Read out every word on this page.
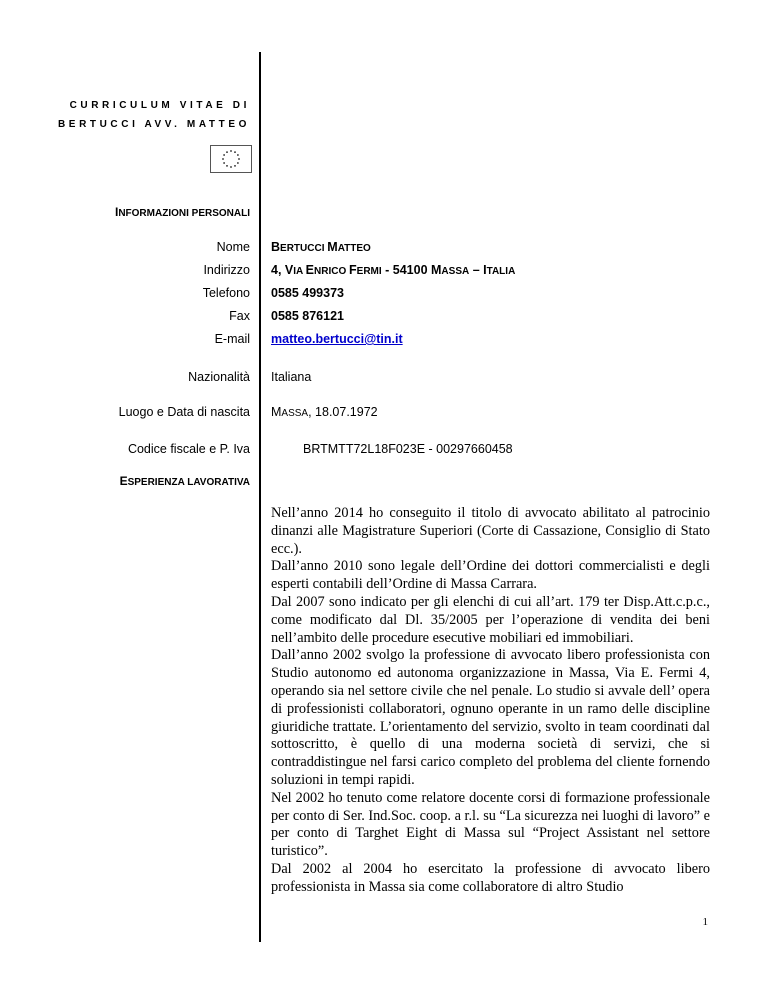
CURRICULUM VITAE DI
BERTUCCI AVV. MATTEO
INFORMAZIONI PERSONALI
Nome BERTUCCI MATTEO
Indirizzo 4, VIA ENRICO FERMI - 54100 MASSA – ITALIA
Telefono 0585 499373
Fax 0585 876121
E-mail matteo.bertucci@tin.it
Nazionalità Italiana
Luogo e Data di nascita MASSA, 18.07.1972
Codice fiscale e P. Iva	BRTMTT72L18F023E - 00297660458
ESPERIENZA LAVORATIVA

Nell’anno 2014 ho conseguito il titolo di avvocato abilitato al patrocinio dinanzi alle Magistrature Superiori (Corte di Cassazione, Consiglio di Stato ecc.).

Dall’anno 2010 sono legale dell’Ordine dei dottori commercialisti e degli esperti contabili dell’Ordine di Massa Carrara.

Dal 2007 sono indicato per gli elenchi di cui all’art. 179 ter Disp.Att.c.p.c., come modificato dal Dl. 35/2005 per l’operazione di vendita dei beni nell’ambito delle procedure esecutive mobiliari ed immobiliari.

Dall’anno 2002 svolgo la professione di avvocato libero professionista con Studio autonomo ed autonoma organizzazione in Massa, Via E. Fermi 4, operando sia nel settore civile che nel penale. Lo studio si avvale dell’ opera di professionisti collaboratori, ognuno operante in un ramo delle discipline giuridiche trattate. L’orientamento del servizio, svolto in team coordinati dal sottoscritto, è quello di una moderna società di servizi, che si contraddistingue nel farsi carico completo del problema del cliente fornendo soluzioni in tempi rapidi.

Nel 2002 ho tenuto come relatore docente corsi di formazione professionale per conto di Ser. Ind.Soc. coop. a r.l. su “La sicurezza nei luoghi di lavoro” e per conto di Targhet Eight di Massa sul “Project Assistant nel settore turistico”.

Dal 2002 al 2004 ho esercitato la professione di avvocato libero professionista in Massa sia come collaboratore di altro Studio

1
